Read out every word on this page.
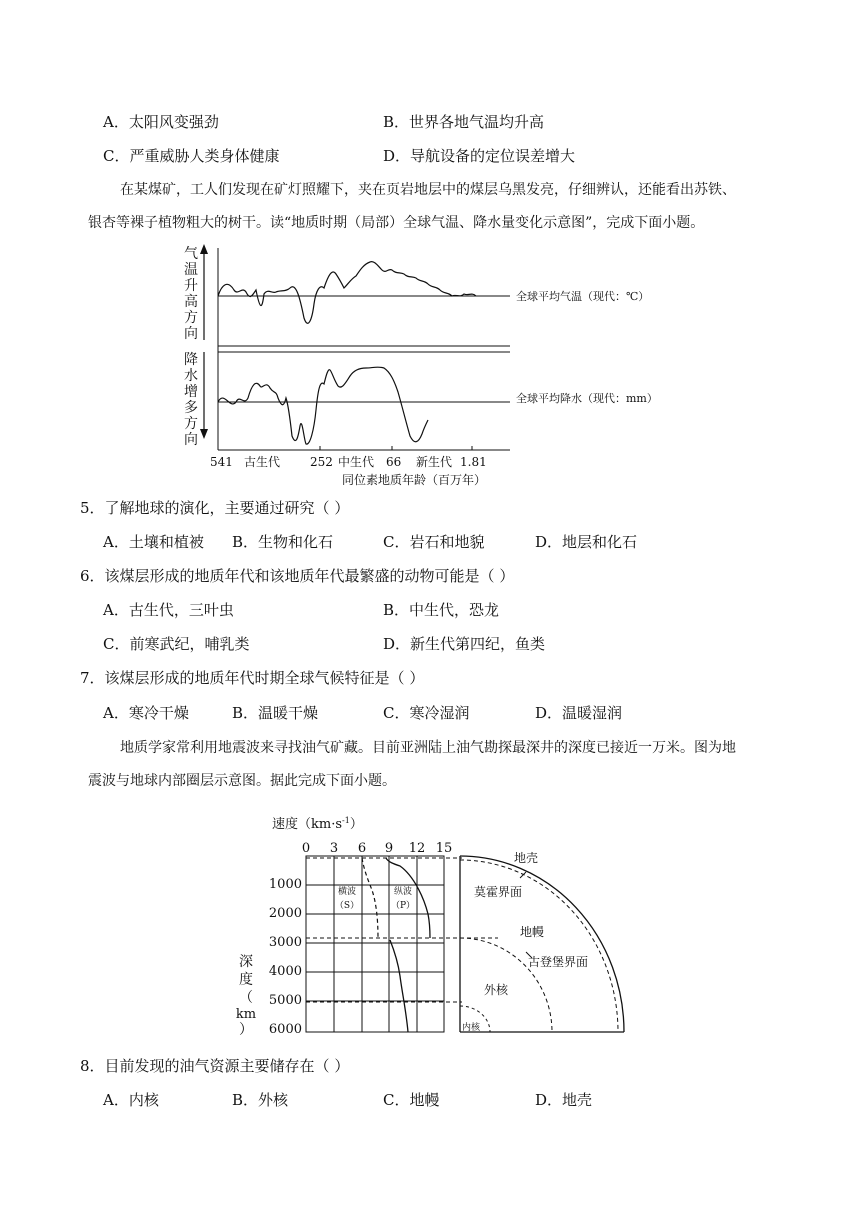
A．太阳风变强劲	B．世界各地气温均升高
C．严重威胁人类身体健康	D．导航设备的定位误差增大
在某煤矿，工人们发现在矿灯照耀下，夹在页岩地层中的煤层乌黑发亮，仔细辨认，还能看出苏铁、
银杏等裸子植物粗大的树干。读“地质时期（局部）全球气温、降水量变化示意图”，完成下面小题。
气
温
升
高
方
向
降
水
增
多
方
向
全球平均气温（现代：℃）
全球平均降水（现代：mm）
541 古生代 252 中生代 66 新生代 1.81
同位素地质年龄（百万年）
5．了解地球的演化，主要通过研究（ ）
A．土壤和植被 B．生物和化石	C．岩石和地貌	D．地层和化石
6．该煤层形成的地质年代和该地质年代最繁盛的动物可能是（ ）
A．古生代，三叶虫	B．中生代，恐龙
C．前寒武纪，哺乳类	D．新生代第四纪，鱼类
7．该煤层形成的地质年代时期全球气候特征是（ ）
A．寒冷干燥	B．温暖干燥	C．寒冷湿润	D．温暖湿润
地质学家常利用地震波来寻找油气矿藏。目前亚洲陆上油气勘探最深井的深度已接近一万米。图为地
震波与地球内部圈层示意图。据此完成下面小题。
速度$(km\cdot s^{-1})$
0 3 6 9 12 15
横波
（S）
纵波
（P）
1000
2000
3000
4000
5000
6000
深
度
（
km
）
地壳
莫霍界面
地幔
古登堡界面
外核
内核
8．目前发现的油气资源主要储存在（ ）
A．内核	B．外核	C．地幔	D．地壳
